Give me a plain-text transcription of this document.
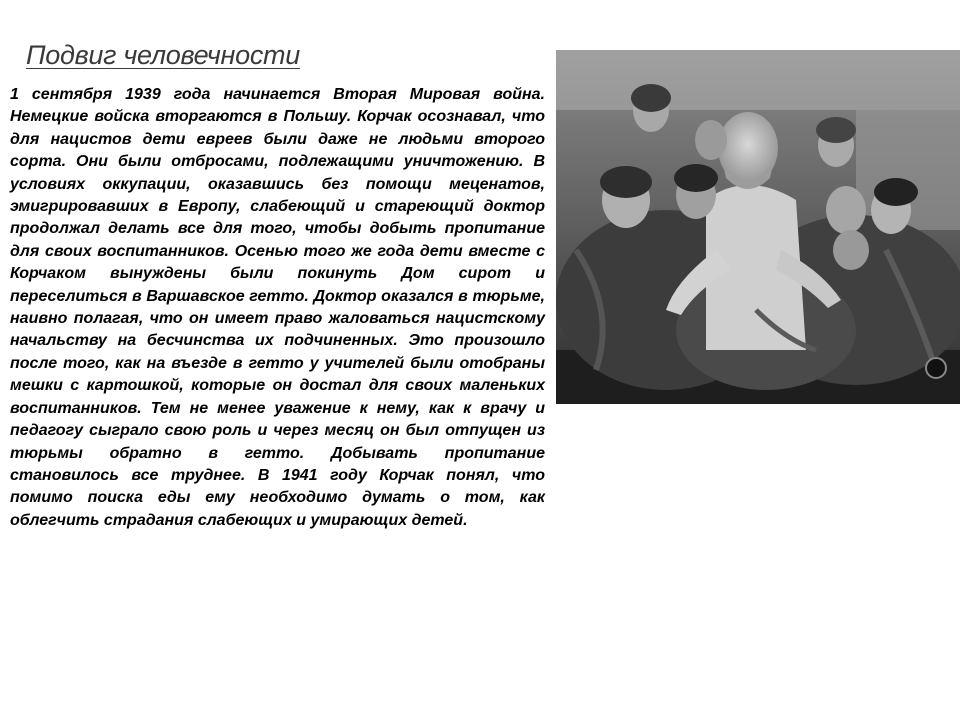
Подвиг человечности

1 сентября 1939 года начинается Вторая Мировая война. Немецкие войска вторгаются в Польшу. Корчак осознавал, что для нацистов дети евреев были даже не людьми второго сорта. Они были отбросами, подлежащими уничтожению. В условиях оккупации, оказавшись без помощи меценатов, эмигрировавших в Европу, слабеющий и стареющий доктор продолжал делать все для того, чтобы добыть пропитание для своих воспитанников. Осенью того же года дети вместе с Корчаком вынуждены были покинуть Дом сирот и переселиться в Варшавское гетто. Доктор оказался в тюрьме, наивно полагая, что он имеет право жаловаться нацистскому начальству на бесчинства их подчиненных. Это произошло после того, как на въезде в гетто у учителей были отобраны мешки с картошкой, которые он достал для своих маленьких воспитанников. Тем не менее уважение к нему, как к врачу и педагогу сыграло свою роль и через месяц он был отпущен из тюрьмы обратно в гетто. Добывать пропитание становилось все труднее. В 1941 году Корчак понял, что помимо поиска еды ему необходимо думать о том, как облегчить страдания слабеющих и умирающих детей.
